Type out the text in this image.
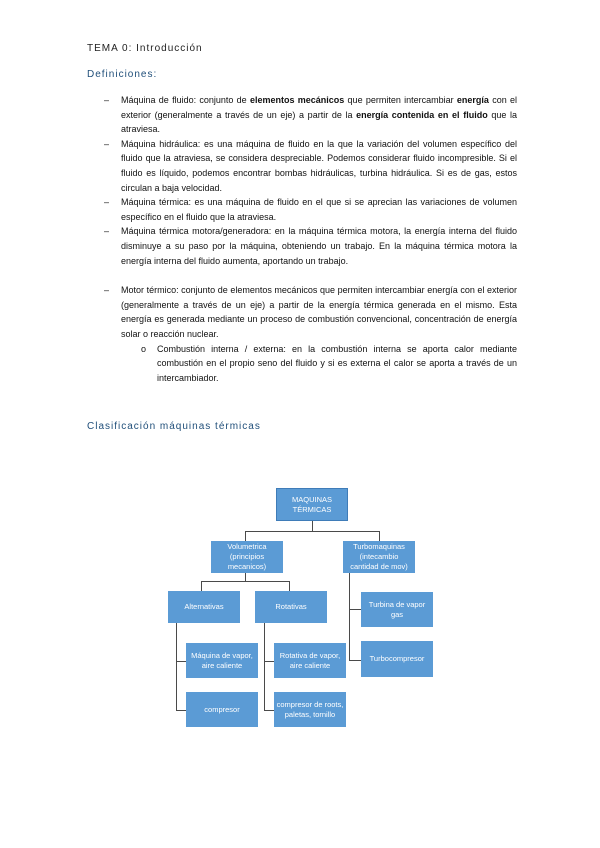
TEMA 0: Introducción
Definiciones:
– Máquina de fluido: conjunto de elementos mecánicos que permiten intercambiar energía con el exterior (generalmente a través de un eje) a partir de la energía contenida en el fluido que la atraviesa.
– Máquina hidráulica: es una máquina de fluido en la que la variación del volumen específico del fluido que la atraviesa, se considera despreciable. Podemos considerar fluido incompresible. Si el fluido es líquido, podemos encontrar bombas hidráulicas, turbina hidráulica. Si es de gas, estos circulan a baja velocidad.
– Máquina térmica: es una máquina de fluido en el que si se aprecian las variaciones de volumen específico en el fluido que la atraviesa.
– Máquina térmica motora/generadora: en la máquina térmica motora, la energía interna del fluido disminuye a su paso por la máquina, obteniendo un trabajo. En la máquina térmica motora la energía interna del fluido aumenta, aportando un trabajo.
– Motor térmico: conjunto de elementos mecánicos que permiten intercambiar energía con el exterior (generalmente a través de un eje) a partir de la energía térmica generada en el mismo. Esta energía es generada mediante un proceso de combustión convencional, concentración de energía solar o reacción nuclear.
o Combustión interna / externa: en la combustión interna se aporta calor mediante combustión en el propio seno del fluido y si es externa el calor se aporta a través de un intercambiador.
Clasificación máquinas térmicas
MAQUINAS TÉRMICAS
Volumetrica (principios mecanicos)
Turbomaquinas (intecambio cantidad de mov)
Alternativas	Rotativas
Máquina de vapor, aire caliente
compresor
Rotativa de vapor, aire caliente
compresor de roots, paletas, tornillo
Turbina de vapor gas
Turbocompresor
